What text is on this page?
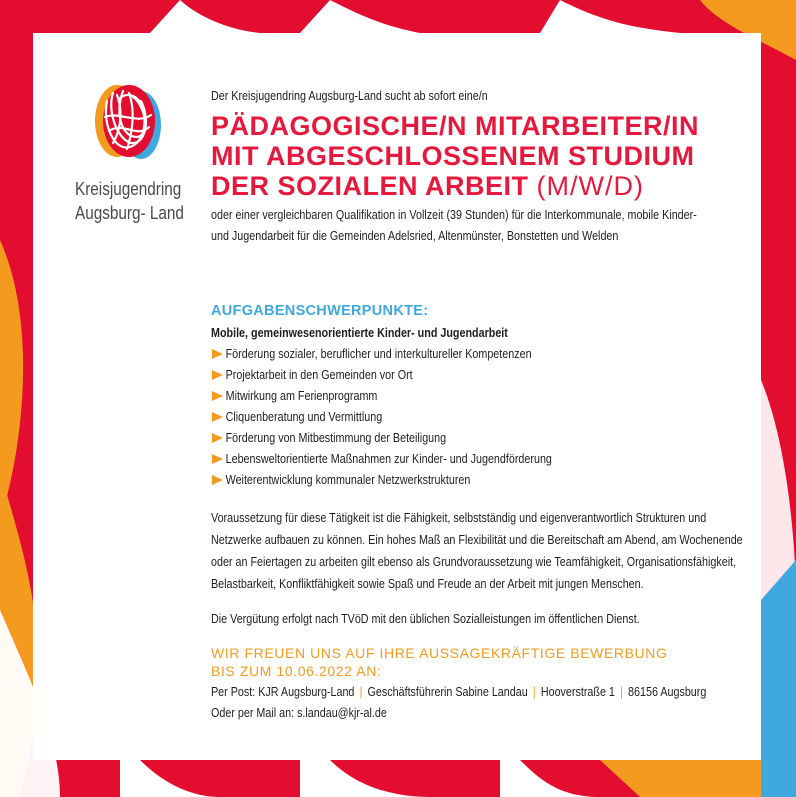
Kreisjugendring
Augsburg- Land
Der Kreisjugendring Augsburg-Land sucht ab sofort eine/n
PÄDAGOGISCHE/N MITARBEITER/IN
MIT ABGESCHLOSSENEM STUDIUM
DER SOZIALEN ARBEIT (M/W/D)
oder einer vergleichbaren Qualifikation in Vollzeit (39 Stunden) für die Interkommunale, mobile Kinder-
und Jugendarbeit für die Gemeinden Adelsried, Altenmünster, Bonstetten und Welden
AUFGABENSCHWERPUNKTE:
Mobile, gemeinwesenorientierte Kinder- und Jugendarbeit
Förderung sozialer, beruflicher und interkultureller Kompetenzen
Projektarbeit in den Gemeinden vor Ort
Mitwirkung am Ferienprogramm
Cliquenberatung und Vermittlung
Förderung von Mitbestimmung der Beteiligung
Lebensweltorientierte Maßnahmen zur Kinder- und Jugendförderung
Weiterentwicklung kommunaler Netzwerkstrukturen
Voraussetzung für diese Tätigkeit ist die Fähigkeit, selbstständig und eigenverantwortlich Strukturen und
Netzwerke aufbauen zu können. Ein hohes Maß an Flexibilität und die Bereitschaft am Abend, am Wochenende
oder an Feiertagen zu arbeiten gilt ebenso als Grundvoraussetzung wie Teamfähigkeit, Organisationsfähigkeit,
Belastbarkeit, Konfliktfähigkeit sowie Spaß und Freude an der Arbeit mit jungen Menschen.
Die Vergütung erfolgt nach TVöD mit den üblichen Sozialleistungen im öffentlichen Dienst.
WIR FREUEN UNS AUF IHRE AUSSAGEKRÄFTIGE BEWERBUNG
BIS ZUM 10.06.2022 AN:
Per Post: KJR Augsburg-Land | Geschäftsführerin Sabine Landau | Hooverstraße 1 | 86156 Augsburg
Oder per Mail an: s.landau@kjr-al.de
